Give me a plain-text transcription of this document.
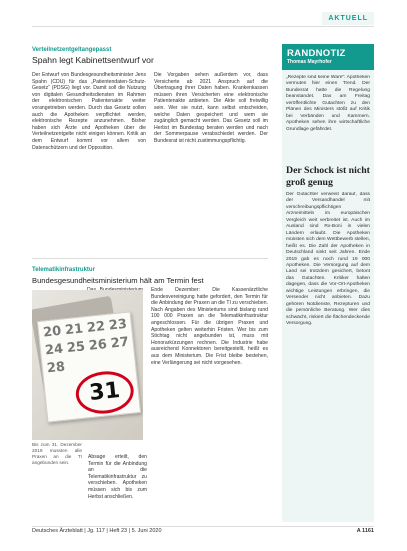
AKTUELL
Verteilnetzentgeltangepasst
Spahn legt Kabinettsentwurf vor
Der Entwurf von Bundesgesundheitsminister Jens Spahn (CDU) für das „Patientendaten-Schutz-Gesetz“ (PDSG) liegt vor. Damit soll die Nutzung von digitalen Gesundheitsdiensten im Rahmen der elektronischen Patientenakte weiter vorangetrieben werden. Durch das Gesetz sollen auch die Apotheken verpflichtet werden, elektronische Rezepte anzunehmen. Bisher haben sich Ärzte und Apotheken über die Verteilnetzentgelte nicht einigen können. Kritik an dem Entwurf kommt vor allem von Datenschützern und der Opposition.
Die Vorgaben sehen außerdem vor, dass Versicherte ab 2021 Anspruch auf die Übertragung ihrer Daten haben. Krankenkassen müssen ihren Versicherten eine elektronische Patientenakte anbieten. Die Akte soll freiwillig sein. Wer sie nutzt, kann selbst entscheiden, welche Daten gespeichert und wem sie zugänglich gemacht werden. Das Gesetz soll im Herbst im Bundestag beraten werden und nach der Sommerpause verabschiedet werden. Der Bundesrat ist nicht zustimmungspflichtig.
Telematikinfrastruktur
Bundesgesundheitsministerium hält am Termin fest
Absage erteilt, den Termin für die Anbindung an die Telematikinfrastruktur zu verschieben. Apotheken müssen sich bis zum Herbst anschließen.
Ende Dezember: Die Kassenärztliche Bundesvereinigung hatte gefordert, den Termin für die Anbindung der Praxen an die TI zu verschieben. Nach Angaben des Ministeriums sind bislang rund 100 000 Praxen an die Telematikinfrastruktur angeschlossen. Für die übrigen Praxen und Apotheken gelten weiterhin Fristen. Wer bis zum Stichtag nicht angebunden ist, muss mit Honorarkürzungen rechnen. Die Industrie habe ausreichend Konnektoren bereitgestellt, heißt es aus dem Ministerium. Die Frist bleibe bestehen, eine Verlängerung sei nicht vorgesehen.
31
20 21 22 23
24 25 26 27
28
Bis zum 31. Dezember 2019 mussten alle Praxen an die TI angebunden sein.
RANDNOTIZ
Thomas Mayrhofer
„Rezepte sind keine Ware“: Apotheken vermuten hier einen Trend. Der Bundesrat hatte die Regelung beanstandet. Das am Freitag veröffentlichte Gutachten zu den Plänen des Ministers stößt auf Kritik bei Verbänden und Kammern. Apotheken sehen ihre wirtschaftliche Grundlage gefährdet.
Der Schock ist nicht groß genug
Der Gutachter verweist darauf, dass der Versandhandel mit verschreibungspflichtigen Arzneimitteln im europäischen Vergleich weit verbreitet ist. Auch im Ausland sind Rx-Boni in vielen Ländern erlaubt. Die Apotheken müssten sich dem Wettbewerb stellen, heißt es. Die Zahl der Apotheken in Deutschland sinkt seit Jahren. Ende 2019 gab es noch rund 19 000 Apotheken. Die Versorgung auf dem Land sei trotzdem gesichert, betont das Gutachten. Kritiker halten dagegen, dass die Vor-Ort-Apotheken wichtige Leistungen erbringen, die Versender nicht anbieten. Dazu gehören Notdienste, Rezepturen und die persönliche Beratung. Wer dies schwächt, riskiert die flächendeckende Versorgung.
Deutsches Ärzteblatt | Jg. 117 | Heft 23 | 5. Juni 2020	A 1161
